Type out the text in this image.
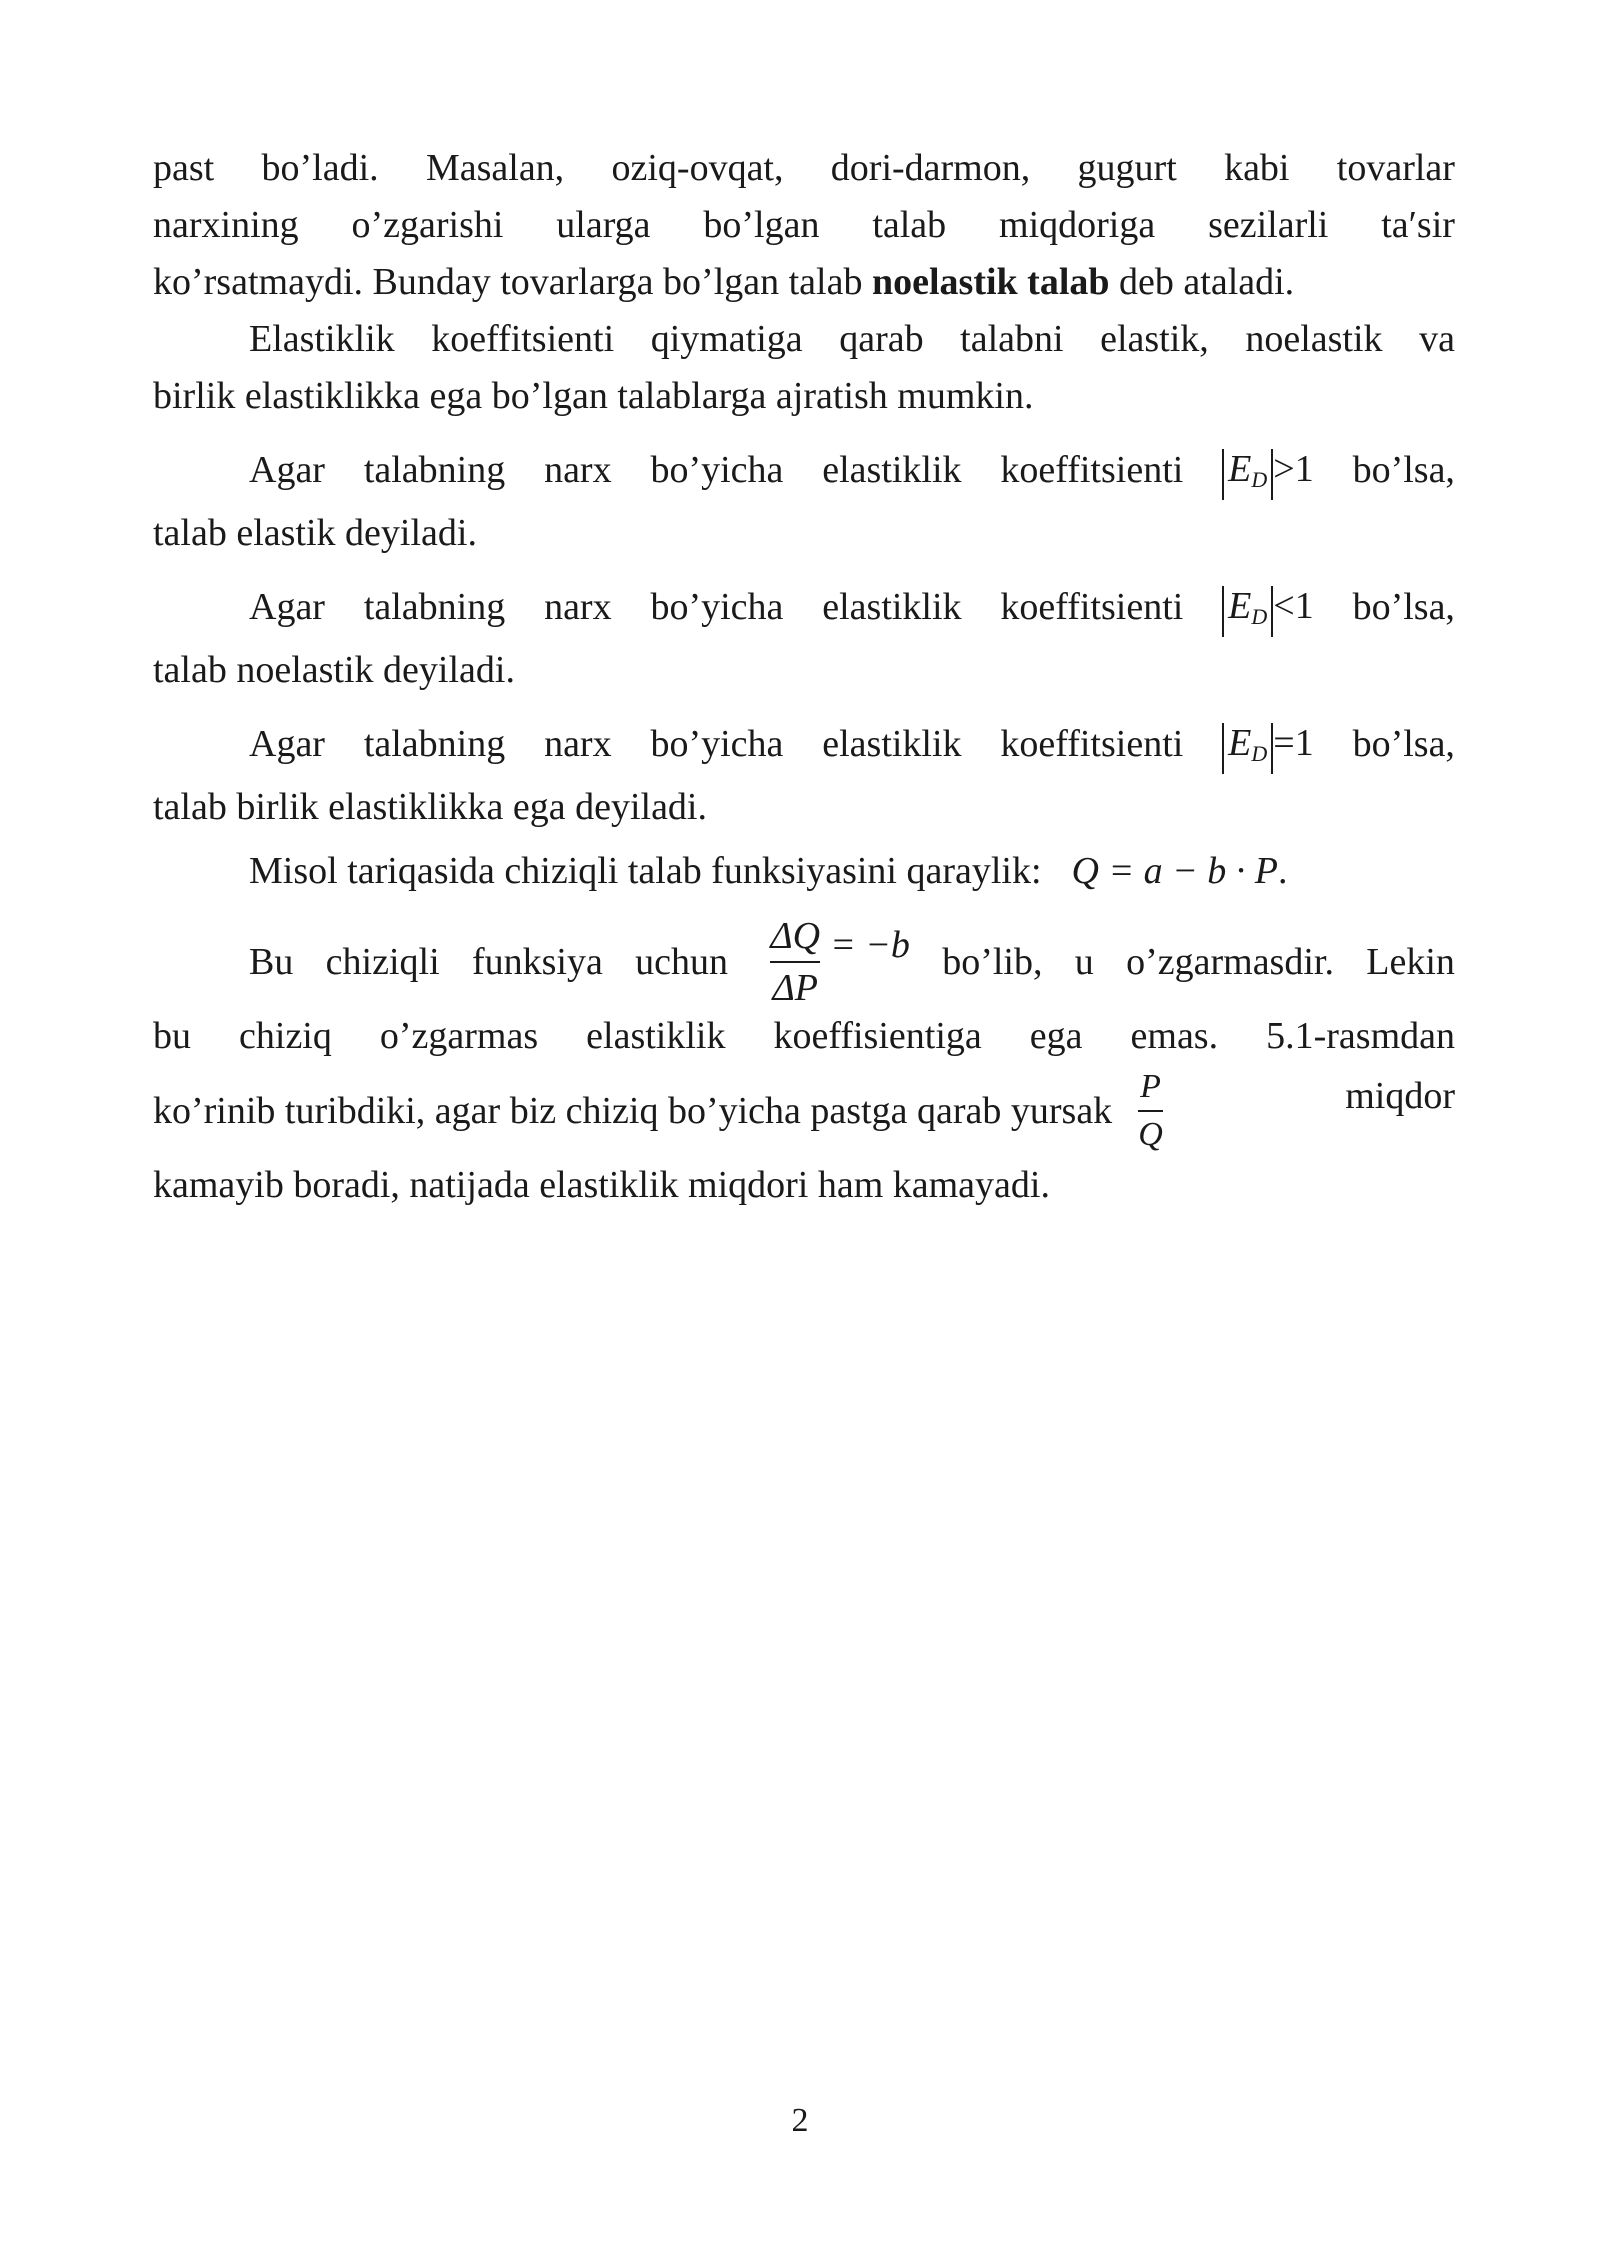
past bo’ladi. Masalan, oziq-ovqat, dori-darmon, gugurt kabi tovarlar
narxining o’zgarishi ularga bo’lgan talab miqdoriga sezilarli ta′sir
ko’rsatmaydi. Bunday tovarlarga bo’lgan talab noelastik talab deb ataladi.
Elastiklik koeffitsienti qiymatiga qarab talabni elastik, noelastik va
birlik elastiklikka ega bo’lgan talablarga ajratish mumkin.
Agar talabning narx bo’yicha elastiklik koeffitsienti $E_D >1$ bo’lsa,
talab elastik deyiladi.
Agar talabning narx bo’yicha elastiklik koeffitsienti $E_D <1$ bo’lsa,
talab noelastik deyiladi.
Agar talabning narx bo’yicha elastiklik koeffitsienti $E_D =1$ bo’lsa,
talab birlik elastiklikka ega deyiladi.
Misol tariqasida chiziqli talab funksiyasini qaraylik: Q = a − b · P .
Bu chiziqli funksiya uchun $\frac{\Delta Q}{\Delta P} = -b$ bo’lib, u o’zgarmasdir. Lekin
bu chiziq o’zgarmas elastiklik koeffisientiga ega emas. 5.1-rasmdan
ko’rinib turibdiki, agar biz chiziq bo’yicha pastga qarab yursak $\frac{P}{Q}$	miqdor
kamayib boradi, natijada elastiklik miqdori ham kamayadi.
2
